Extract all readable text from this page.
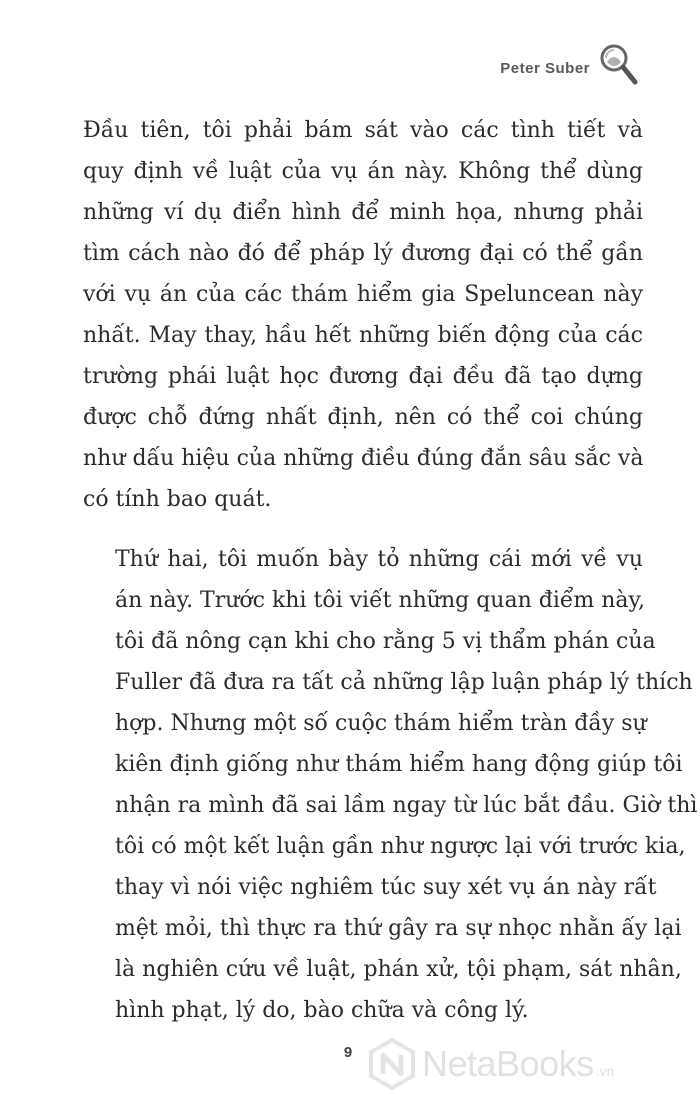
Peter Suber

Đầu tiên, tôi phải bám sát vào các tình tiết và
quy định về luật của vụ án này. Không thể dùng
những ví dụ điển hình để minh họa, nhưng phải
tìm cách nào đó để pháp lý đương đại có thể gần
với vụ án của các thám hiểm gia Speluncean này
nhất. May thay, hầu hết những biến động của các
trường phái luật học đương đại đều đã tạo dựng
được chỗ đứng nhất định, nên có thể coi chúng
như dấu hiệu của những điều đúng đắn sâu sắc và
có tính bao quát.

Thứ hai, tôi muốn bày tỏ những cái mới về vụ
án này. Trước khi tôi viết những quan điểm này,
tôi đã nông cạn khi cho rằng 5 vị thẩm phán của
Fuller đã đưa ra tất cả những lập luận pháp lý thích
hợp. Nhưng một số cuộc thám hiểm tràn đầy sự
kiên định giống như thám hiểm hang động giúp tôi
nhận ra mình đã sai lầm ngay từ lúc bắt đầu. Giờ thì
tôi có một kết luận gần như ngược lại với trước kia,
thay vì nói việc nghiêm túc suy xét vụ án này rất
mệt mỏi, thì thực ra thứ gây ra sự nhọc nhằn ấy lại
là nghiên cứu về luật, phán xử, tội phạm, sát nhân,
hình phạt, lý do, bào chữa và công lý.

9 NetaBooks .vn
